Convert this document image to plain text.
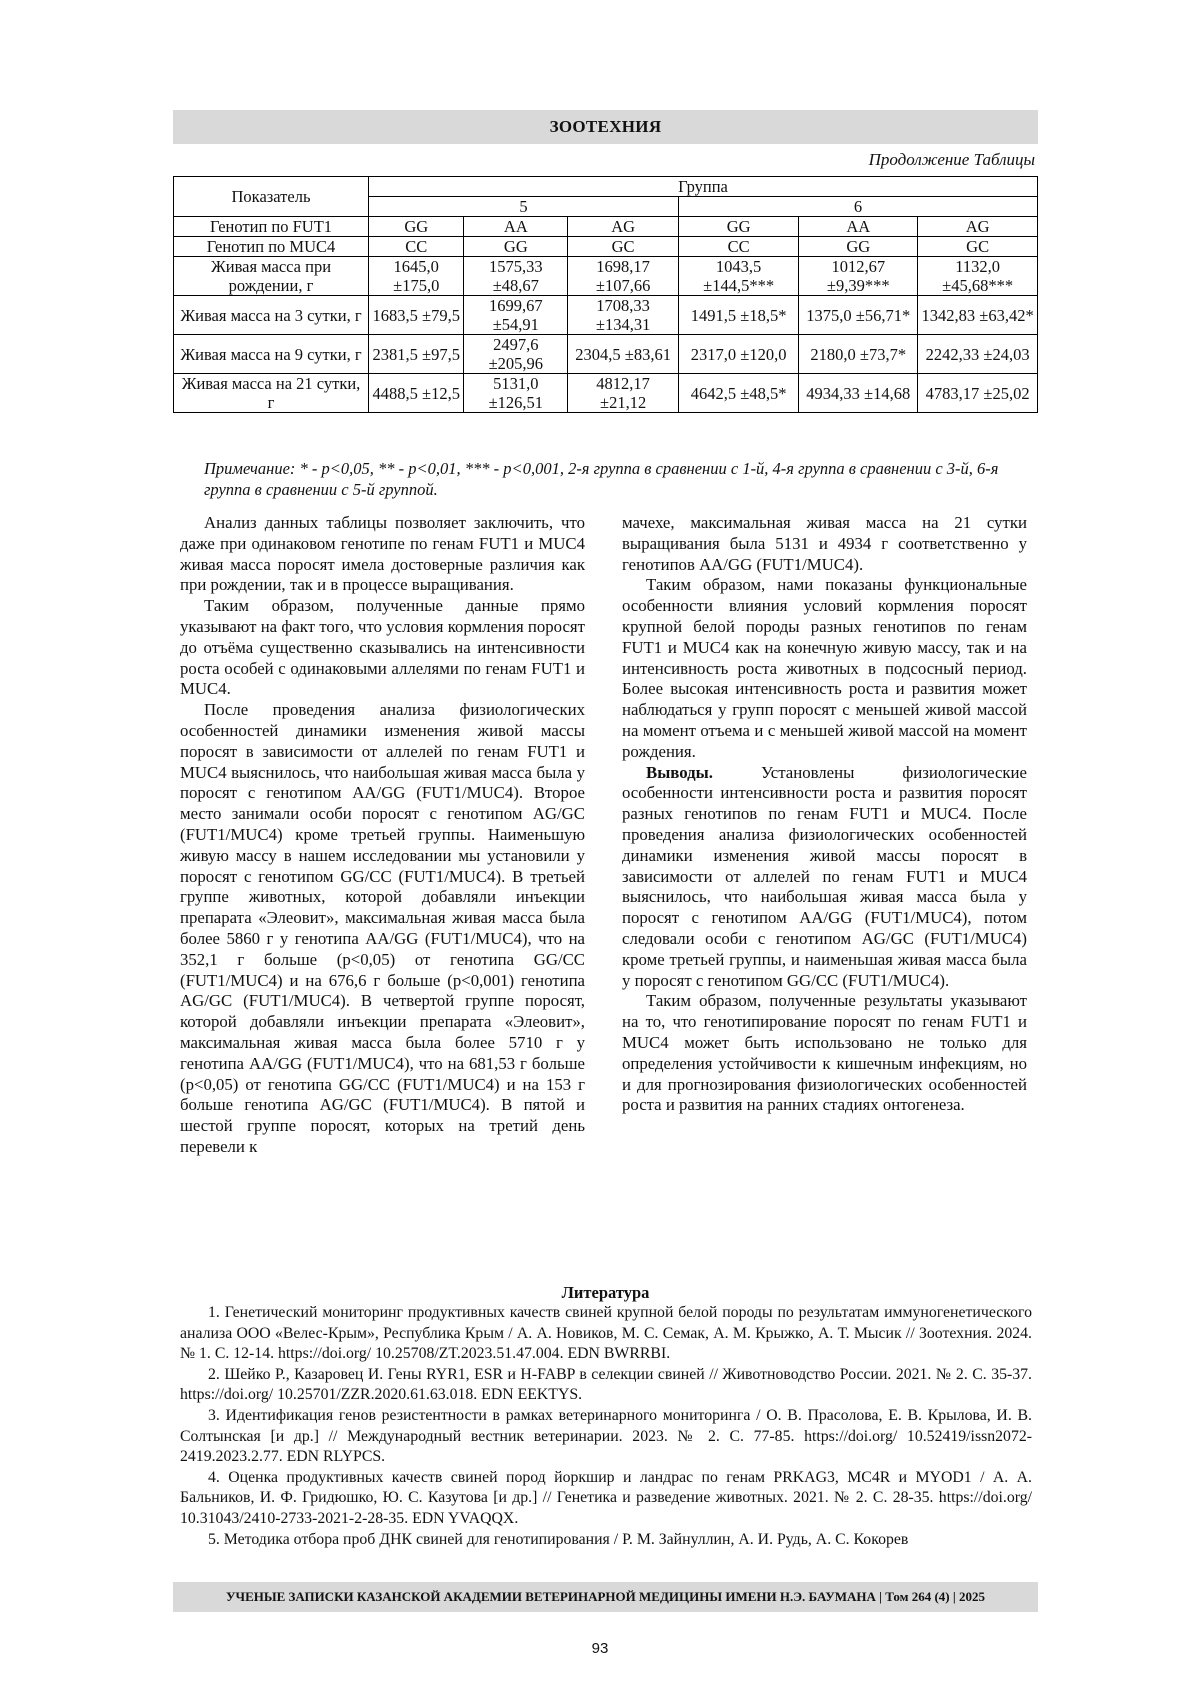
ЗООТЕХНИЯ
Продолжение Таблицы
Показатель	Группа					
	5			6		
Генотип по FUT1	GG	AA	AG	GG	AA	AG
Генотип по MUC4	CC	GG	GC	CC	GG	GC
Живая масса при рождении, г	1645,0 ±175,0	1575,33 ±48,67	1698,17 ±107,66	1043,5 ±144,5***	1012,67 ±9,39***	1132,0 ±45,68***
Живая масса на 3 сутки, г	1683,5 ±79,5	1699,67 ±54,91	1708,33 ±134,31	1491,5 ±18,5*	1375,0 ±56,71*	1342,83 ±63,42*
Живая масса на 9 сутки, г	2381,5 ±97,5	2497,6 ±205,96	2304,5 ±83,61	2317,0 ±120,0	2180,0 ±73,7*	2242,33 ±24,03
Живая масса на 21 сутки, г	4488,5 ±12,5	5131,0 ±126,51	4812,17 ±21,12	4642,5 ±48,5*	4934,33 ±14,68	4783,17 ±25,02
Примечание: * - p<0,05, ** - p<0,01, *** - p<0,001, 2-я группа в сравнении с 1-й, 4-я группа в сравнении с 3-й, 6-я группа в сравнении с 5-й группой.

Анализ данных таблицы позволяет заключить, что даже при одинаковом генотипе по генам FUT1 и MUC4 живая масса поросят имела достоверные различия как при рождении, так и в процессе выращивания.

Таким образом, полученные данные прямо указывают на факт того, что условия кормления поросят до отъёма существенно сказывались на интенсивности роста особей с одинаковыми аллелями по генам FUT1 и MUC4.

После проведения анализа физиологических особенностей динамики изменения живой массы поросят в зависимости от аллелей по генам FUT1 и MUC4 выяснилось, что наибольшая живая масса была у поросят с генотипом AA/GG (FUT1/MUC4). Второе место занимали особи поросят с генотипом AG/GC (FUT1/MUC4) кроме третьей группы. Наименьшую живую массу в нашем исследовании мы установили у поросят с генотипом GG/CC (FUT1/MUC4). В третьей группе животных, которой добавляли инъекции препарата «Элеовит», максимальная живая масса была более 5860 г у генотипа AA/GG (FUT1/MUC4), что на 352,1 г больше (p<0,05) от генотипа GG/CC (FUT1/MUC4) и на 676,6 г больше (p<0,001) генотипа AG/GC (FUT1/MUC4). В четвертой группе поросят, которой добавляли инъекции препарата «Элеовит», максимальная живая масса была более 5710 г у генотипа AA/GG (FUT1/MUC4), что на 681,53 г больше (p<0,05) от генотипа GG/CC (FUT1/MUC4) и на 153 г больше генотипа AG/GC (FUT1/MUC4). В пятой и шестой группе поросят, которых на третий день перевели к

мачехе, максимальная живая масса на 21 сутки выращивания была 5131 и 4934 г соответственно у генотипов AA/GG (FUT1/MUC4).

Таким образом, нами показаны функциональные особенности влияния условий кормления поросят крупной белой породы разных генотипов по генам FUT1 и MUC4 как на конечную живую массу, так и на интенсивность роста животных в подсосный период. Более высокая интенсивность роста и развития может наблюдаться у групп поросят с меньшей живой массой на момент отъема и с меньшей живой массой на момент рождения.

Выводы. Установлены физиологические особенности интенсивности роста и развития поросят разных генотипов по генам FUT1 и MUC4. После проведения анализа физиологических особенностей динамики изменения живой массы поросят в зависимости от аллелей по генам FUT1 и MUC4 выяснилось, что наибольшая живая масса была у поросят с генотипом AA/GG (FUT1/MUC4), потом следовали особи с генотипом AG/GC (FUT1/MUC4) кроме третьей группы, и наименьшая живая масса была у поросят с генотипом GG/CC (FUT1/MUC4).

Таким образом, полученные результаты указывают на то, что генотипирование поросят по генам FUT1 и MUC4 может быть использовано не только для определения устойчивости к кишечным инфекциям, но и для прогнозирования физиологических особенностей роста и развития на ранних стадиях онтогенеза.

Литература

1. Генетический мониторинг продуктивных качеств свиней крупной белой породы по результатам иммуногенетического анализа ООО «Велес-Крым», Республика Крым / А. А. Новиков, М. С. Семак, А. М. Крыжко, А. Т. Мысик // Зоотехния. 2024. № 1. С. 12-14. https://doi.org/ 10.25708/ZT.2023.51.47.004. EDN BWRRBI.

2. Шейко Р., Казаровец И. Гены RYR1, ESR и H-FABP в селекции свиней // Животноводство России. 2021. № 2. С. 35-37. https://doi.org/ 10.25701/ZZR.2020.61.63.018. EDN EEKTYS.

3. Идентификация генов резистентности в рамках ветеринарного мониторинга / О. В. Прасолова, Е. В. Крылова, И. В. Солтынская [и др.] // Международный вестник ветеринарии. 2023. № 2. С. 77-85. https://doi.org/ 10.52419/issn2072-2419.2023.2.77. EDN RLYPCS.

4. Оценка продуктивных качеств свиней пород йоркшир и ландрас по генам PRKAG3, MC4R и MYOD1 / А. А. Бальников, И. Ф. Гридюшко, Ю. С. Казутова [и др.] // Генетика и разведение животных. 2021. № 2. С. 28-35. https://doi.org/ 10.31043/2410-2733-2021-2-28-35. EDN YVAQQX.

5. Методика отбора проб ДНК свиней для генотипирования / Р. М. Зайнуллин, А. И. Рудь, А. С. Кокорев

УЧЕНЫЕ ЗАПИСКИ КАЗАНСКОЙ АКАДЕМИИ ВЕТЕРИНАРНОЙ МЕДИЦИНЫ ИМЕНИ Н.Э. БАУМАНА | Том 264 (4) | 2025
93
